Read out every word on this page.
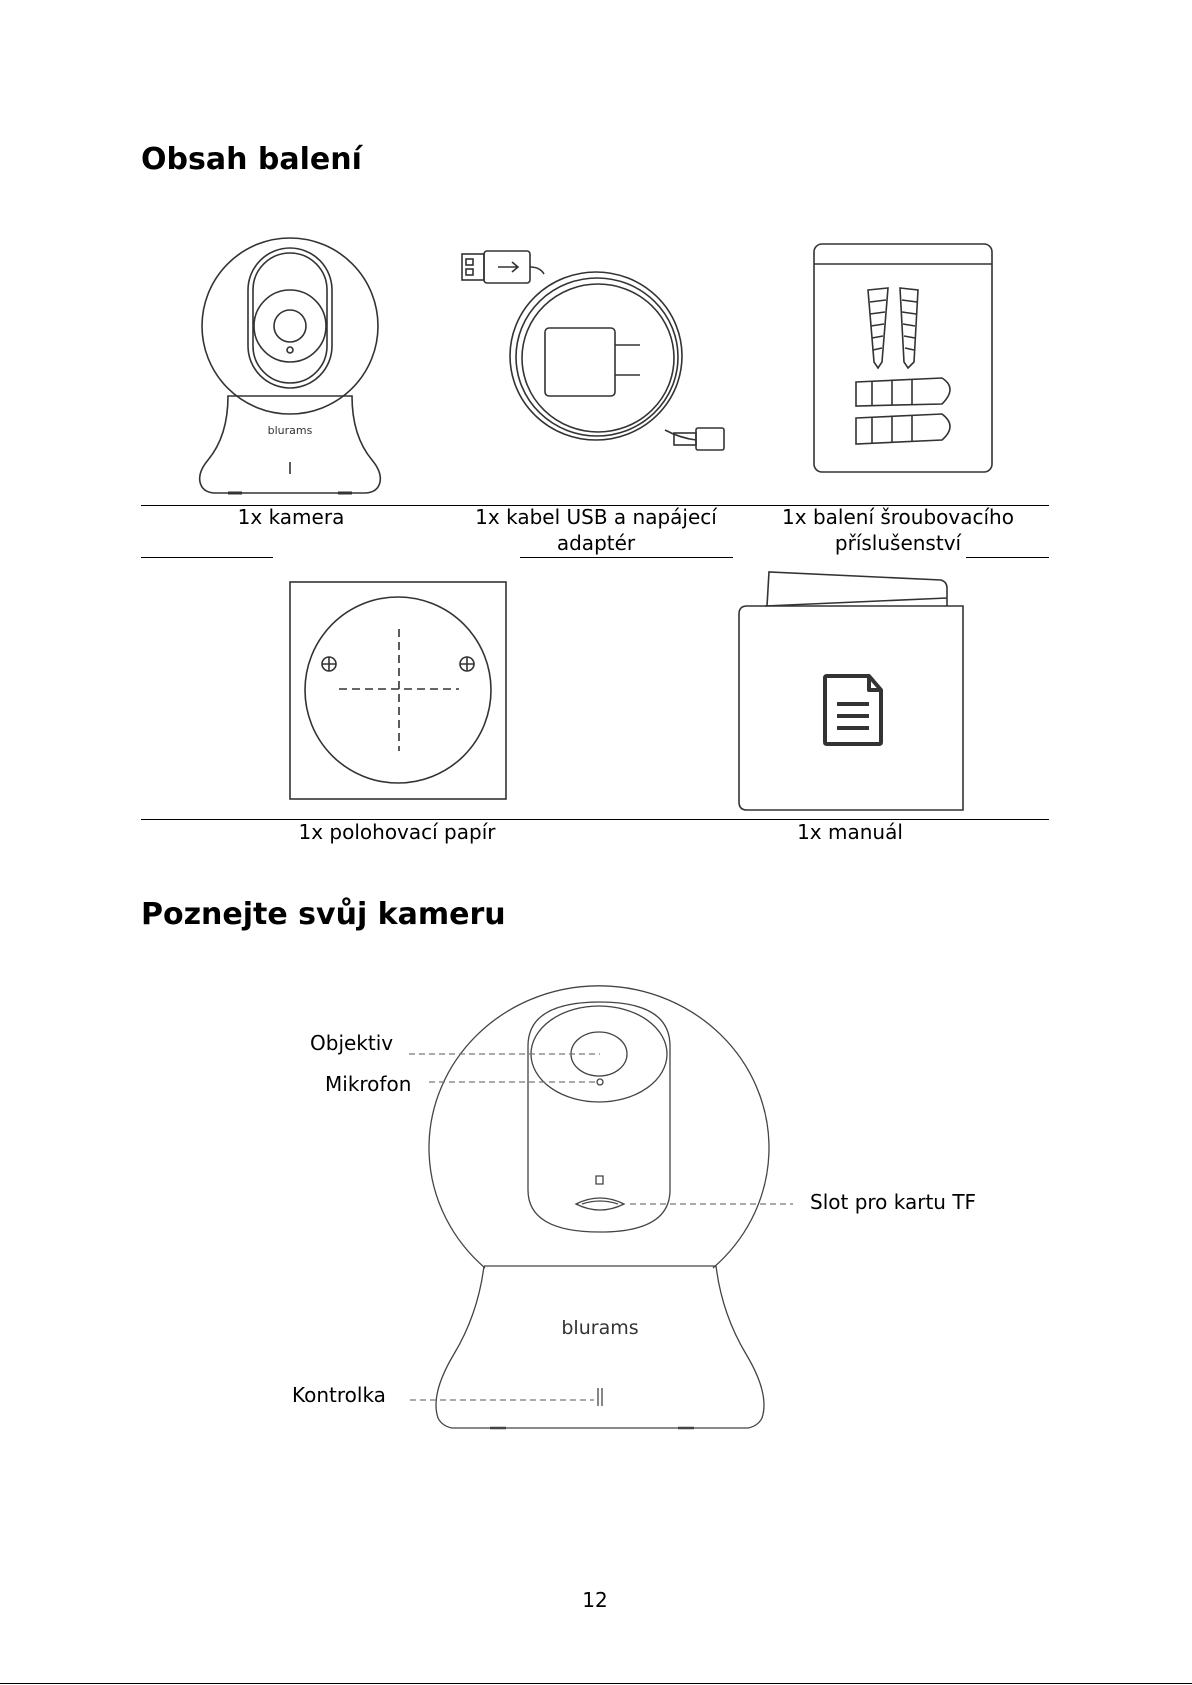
Obsah balení
blurams
1x kamera	1x kabel USB a napájecí
adaptér
1x balení šroubovacího
příslušenství
1x polohovací papír	1x manuál
Poznejte svůj kameru
blurams
Objektiv
Mikrofon
Slot pro kartu TF
Kontrolka
12
